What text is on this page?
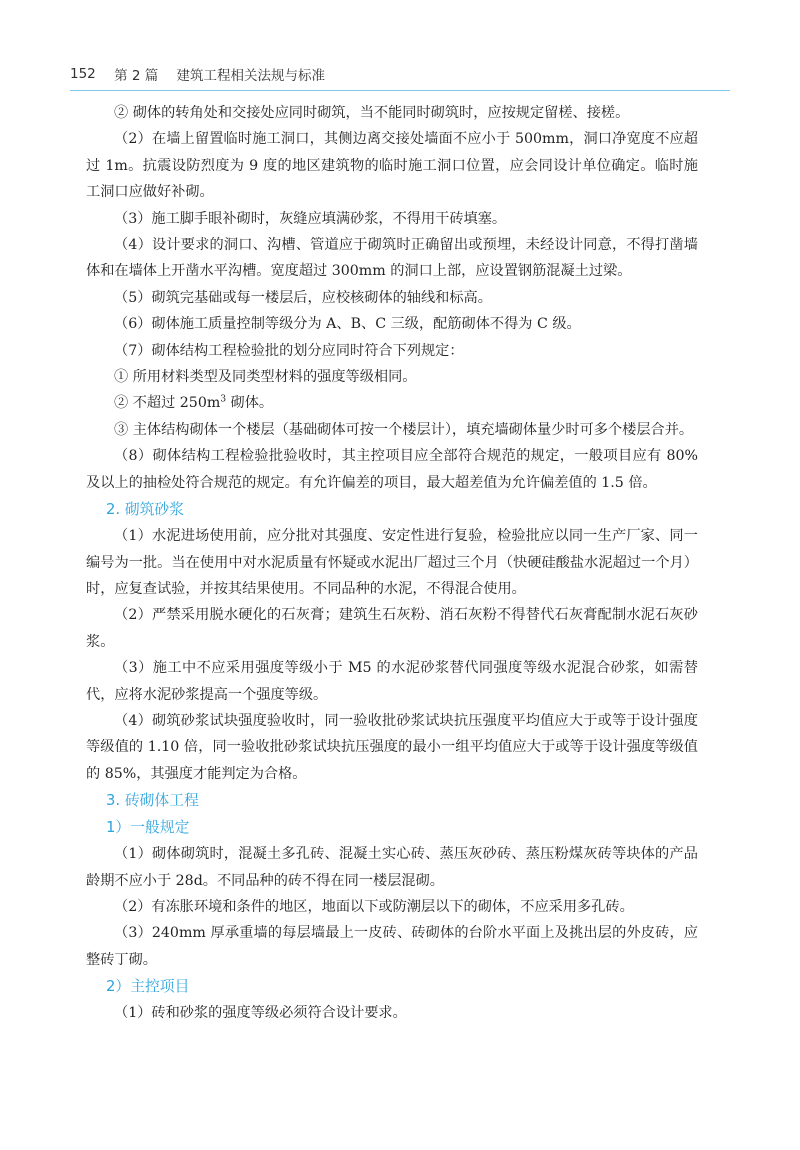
152 第 2 篇 建筑工程相关法规与标准

② 砌体的转角处和交接处应同时砌筑，当不能同时砌筑时，应按规定留槎、接槎。

（2）在墙上留置临时施工洞口，其侧边离交接处墙面不应小于 500mm，洞口净宽度不应超过 1m。抗震设防烈度为 9 度的地区建筑物的临时施工洞口位置，应会同设计单位确定。临时施工洞口应做好补砌。

（3）施工脚手眼补砌时，灰缝应填满砂浆，不得用干砖填塞。

（4）设计要求的洞口、沟槽、管道应于砌筑时正确留出或预埋，未经设计同意，不得打凿墙体和在墙体上开凿水平沟槽。宽度超过 300mm 的洞口上部，应设置钢筋混凝土过梁。

（5）砌筑完基础或每一楼层后，应校核砌体的轴线和标高。

（6）砌体施工质量控制等级分为 A、B、C 三级，配筋砌体不得为 C 级。

（7）砌体结构工程检验批的划分应同时符合下列规定：

① 所用材料类型及同类型材料的强度等级相同。

② 不超过 $250m^3$ 砌体。

③ 主体结构砌体一个楼层（基础砌体可按一个楼层计），填充墙砌体量少时可多个楼层合并。

（8）砌体结构工程检验批验收时，其主控项目应全部符合规范的规定，一般项目应有 80% 及以上的抽检处符合规范的规定。有允许偏差的项目，最大超差值为允许偏差值的 1.5 倍。

2. 砌筑砂浆

（1）水泥进场使用前，应分批对其强度、安定性进行复验，检验批应以同一生产厂家、同一编号为一批。当在使用中对水泥质量有怀疑或水泥出厂超过三个月（快硬硅酸盐水泥超过一个月）时，应复查试验，并按其结果使用。不同品种的水泥，不得混合使用。

（2）严禁采用脱水硬化的石灰膏；建筑生石灰粉、消石灰粉不得替代石灰膏配制水泥石灰砂浆。

（3）施工中不应采用强度等级小于 M5 的水泥砂浆替代同强度等级水泥混合砂浆，如需替代，应将水泥砂浆提高一个强度等级。

（4）砌筑砂浆试块强度验收时，同一验收批砂浆试块抗压强度平均值应大于或等于设计强度等级值的 1.10 倍，同一验收批砂浆试块抗压强度的最小一组平均值应大于或等于设计强度等级值的 85%，其强度才能判定为合格。

3. 砖砌体工程

1）一般规定

（1）砌体砌筑时，混凝土多孔砖、混凝土实心砖、蒸压灰砂砖、蒸压粉煤灰砖等块体的产品龄期不应小于 28d。不同品种的砖不得在同一楼层混砌。

（2）有冻胀环境和条件的地区，地面以下或防潮层以下的砌体，不应采用多孔砖。

（3）240mm 厚承重墙的每层墙最上一皮砖、砖砌体的台阶水平面上及挑出层的外皮砖，应整砖丁砌。

2）主控项目

（1）砖和砂浆的强度等级必须符合设计要求。
